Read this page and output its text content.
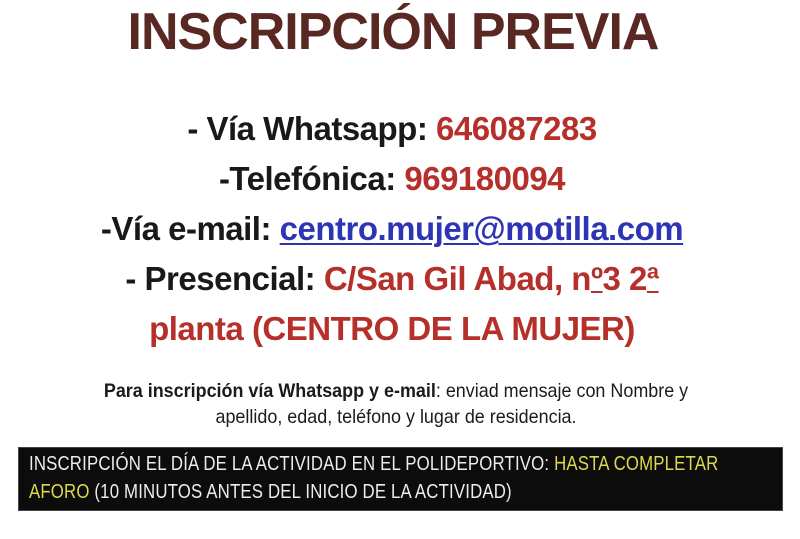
INSCRIPCIÓN PREVIA
- Vía Whatsapp: 646087283
-Telefónica: 969180094
-Vía e-mail: centro.mujer@motilla.com
- Presencial: C/San Gil Abad, nº3 2ª
planta (CENTRO DE LA MUJER)
Para inscripción vía Whatsapp y e-mail: enviad mensaje con Nombre y
apellido, edad, teléfono y lugar de residencia.
INSCRIPCIÓN EL DÍA DE LA ACTIVIDAD EN EL POLIDEPORTIVO: HASTA COMPLETAR
AFORO (10 MINUTOS ANTES DEL INICIO DE LA ACTIVIDAD)
